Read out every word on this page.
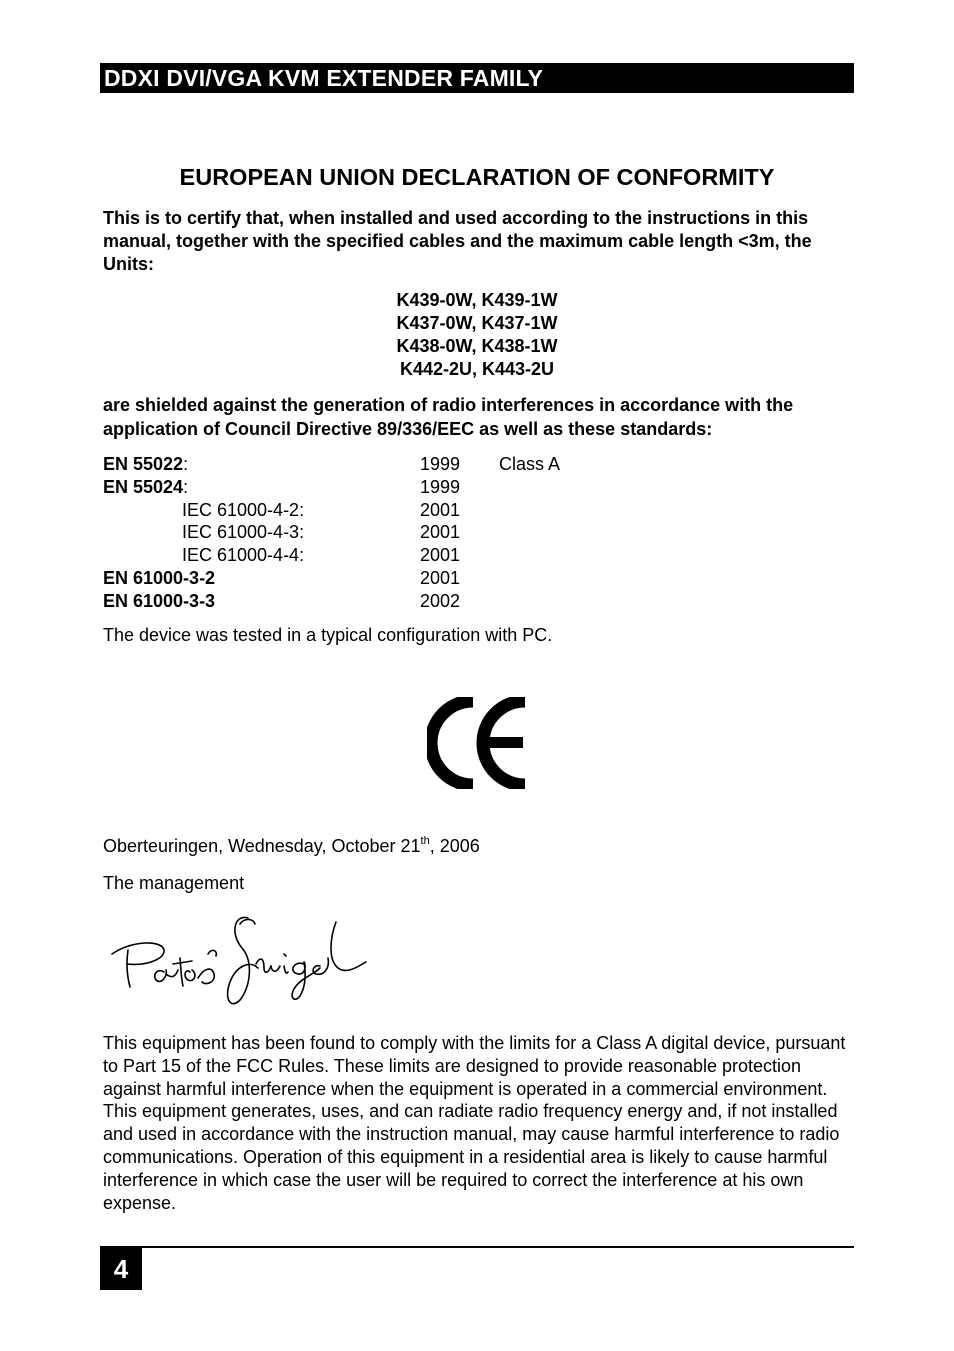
DDXI DVI/VGA KVM EXTENDER FAMILY
EUROPEAN UNION DECLARATION OF CONFORMITY

This is to certify that, when installed and used according to the instructions in this manual, together with the specified cables and the maximum cable length <3m, the Units:

K439-0W, K439-1W
K437-0W, K437-1W
K438-0W, K438-1W
K442-2U, K443-2U

are shielded against the generation of radio interferences in accordance with the application of Council Directive 89/336/EEC as well as these standards:

EN 55022:	1999 Class A
EN 55024:	1999
IEC 61000-4-2:	2001
IEC 61000-4-3:	2001
IEC 61000-4-4:	2001
EN 61000-3-2	2001
EN 61000-3-3	2002

The device was tested in a typical configuration with PC.

Oberteuringen, Wednesday, October 21th, 2006

The management

This equipment has been found to comply with the limits for a Class A digital device, pursuant to Part 15 of the FCC Rules. These limits are designed to provide reasonable protection against harmful interference when the equipment is operated in a commercial environment. This equipment generates, uses, and can radiate radio frequency energy and, if not installed and used in accordance with the instruction manual, may cause harmful interference to radio communications. Operation of this equipment in a residential area is likely to cause harmful interference in which case the user will be required to correct the interference at his own expense.

4
